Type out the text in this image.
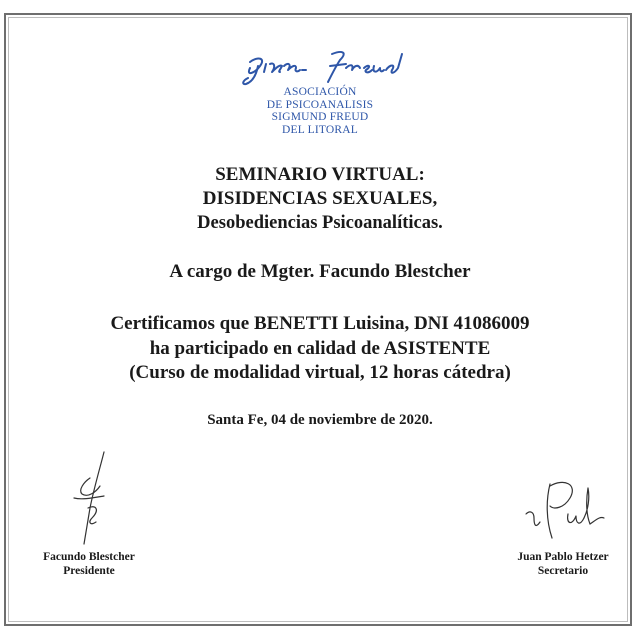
ASOCIACIÓN
DE PSICOANALISIS
SIGMUND FREUD
DEL LITORAL
SEMINARIO VIRTUAL:
DISIDENCIAS SEXUALES,
Desobediencias Psicoanalíticas.
A cargo de Mgter. Facundo Blestcher
Certificamos que BENETTI Luisina, DNI 41086009
ha participado en calidad de ASISTENTE
(Curso de modalidad virtual, 12 horas cátedra)
Santa Fe, 04 de noviembre de 2020.
Facundo Blestcher
Presidente
Juan Pablo Hetzer
Secretario
